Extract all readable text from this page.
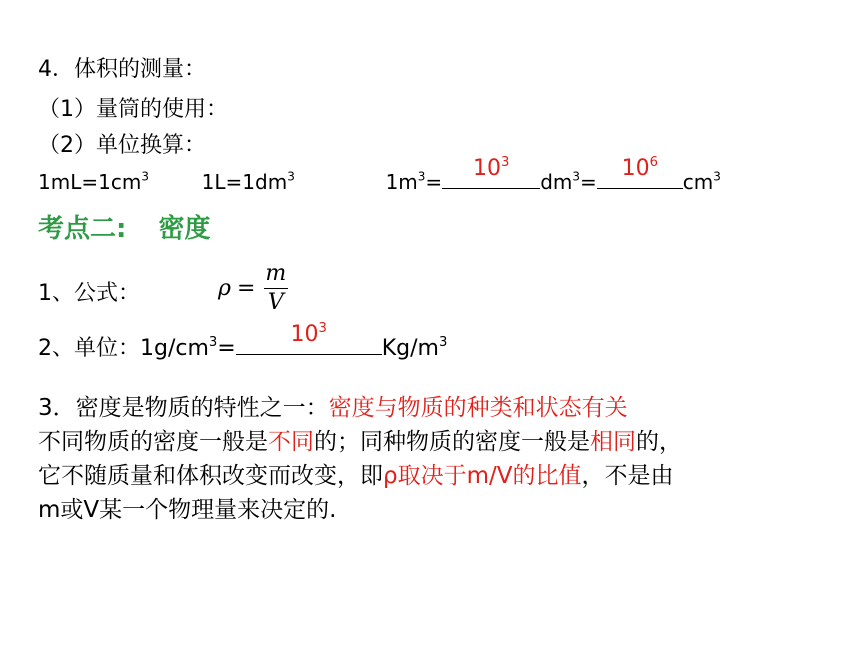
4．体积的测量：
（1）量筒的使用：
（2）单位换算：
$1mL=1cm^3$	$1L=1dm^3$	$1m^3=$
$10^3$
$dm^3=$
$10^6$
$cm^3$
考点二: 密度
1、公式：	$\rho = \frac{m}{V}$
2、单位：$1g/cm^3=$
$10^3$
$Kg/m^3$
3．密度是物质的特性之一：密度与物质的种类和状态有关
不同物质的密度一般是不同的；同种物质的密度一般是相同的，
它不随质量和体积改变而改变，即ρ取决于m/V的比值，不是由
m或V某一个物理量来决定的.
